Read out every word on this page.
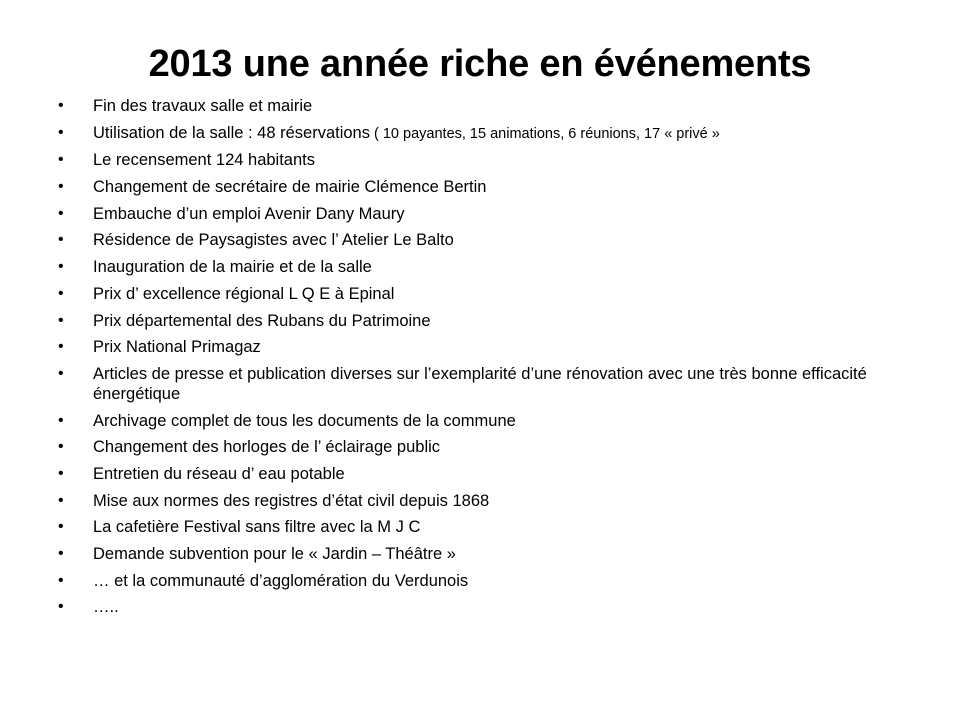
2013 une année riche en événements
• Fin des travaux salle et mairie
• Utilisation de la salle : 48 réservations ( 10 payantes, 15 animations, 6 réunions, 17 « privé »
• Le recensement 124 habitants
• Changement de secrétaire de mairie Clémence Bertin
• Embauche d’un emploi Avenir Dany Maury
• Résidence de Paysagistes avec l’ Atelier Le Balto
• Inauguration de la mairie et de la salle
• Prix d’ excellence régional L Q E à Epinal
• Prix départemental des Rubans du Patrimoine
• Prix National Primagaz
• Articles de presse et publication diverses sur l’exemplarité d’une rénovation avec une très bonne efficacité énergétique
• Archivage complet de tous les documents de la commune
• Changement des horloges de l’ éclairage public
• Entretien du réseau d’ eau potable
• Mise aux normes des registres d’état civil depuis 1868
• La cafetière Festival sans filtre avec la M J C
• Demande subvention pour le « Jardin – Théâtre »
• … et la communauté d’agglomération du Verdunois
• …..
